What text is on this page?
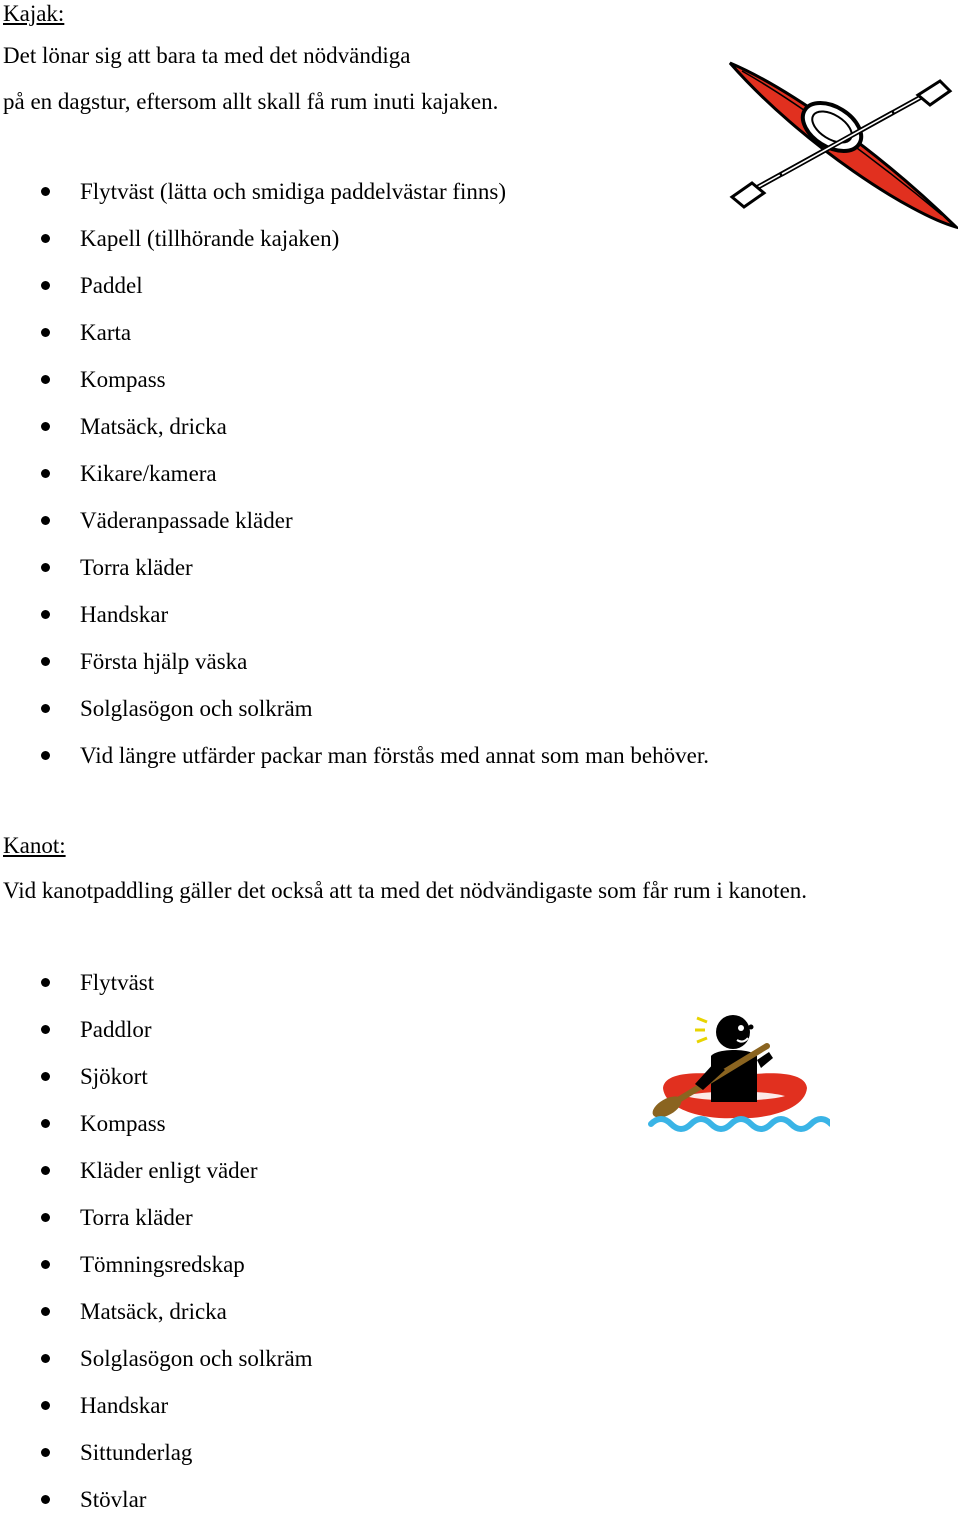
Kajak:
Det lönar sig att bara ta med det nödvändiga
på en dagstur, eftersom allt skall få rum inuti kajaken.
Flytväst (lätta och smidiga paddelvästar finns)
Kapell (tillhörande kajaken)
Paddel
Karta
Kompass
Matsäck, dricka
Kikare/kamera
Väderanpassade kläder
Torra kläder
Handskar
Första hjälp väska
Solglasögon och solkräm
Vid längre utfärder packar man förstås med annat som man behöver.
Kanot:
Vid kanotpaddling gäller det också att ta med det nödvändigaste som får rum i kanoten.
Flytväst
Paddlor
Sjökort
Kompass
Kläder enligt väder
Torra kläder
Tömningsredskap
Matsäck, dricka
Solglasögon och solkräm
Handskar
Sittunderlag
Stövlar
